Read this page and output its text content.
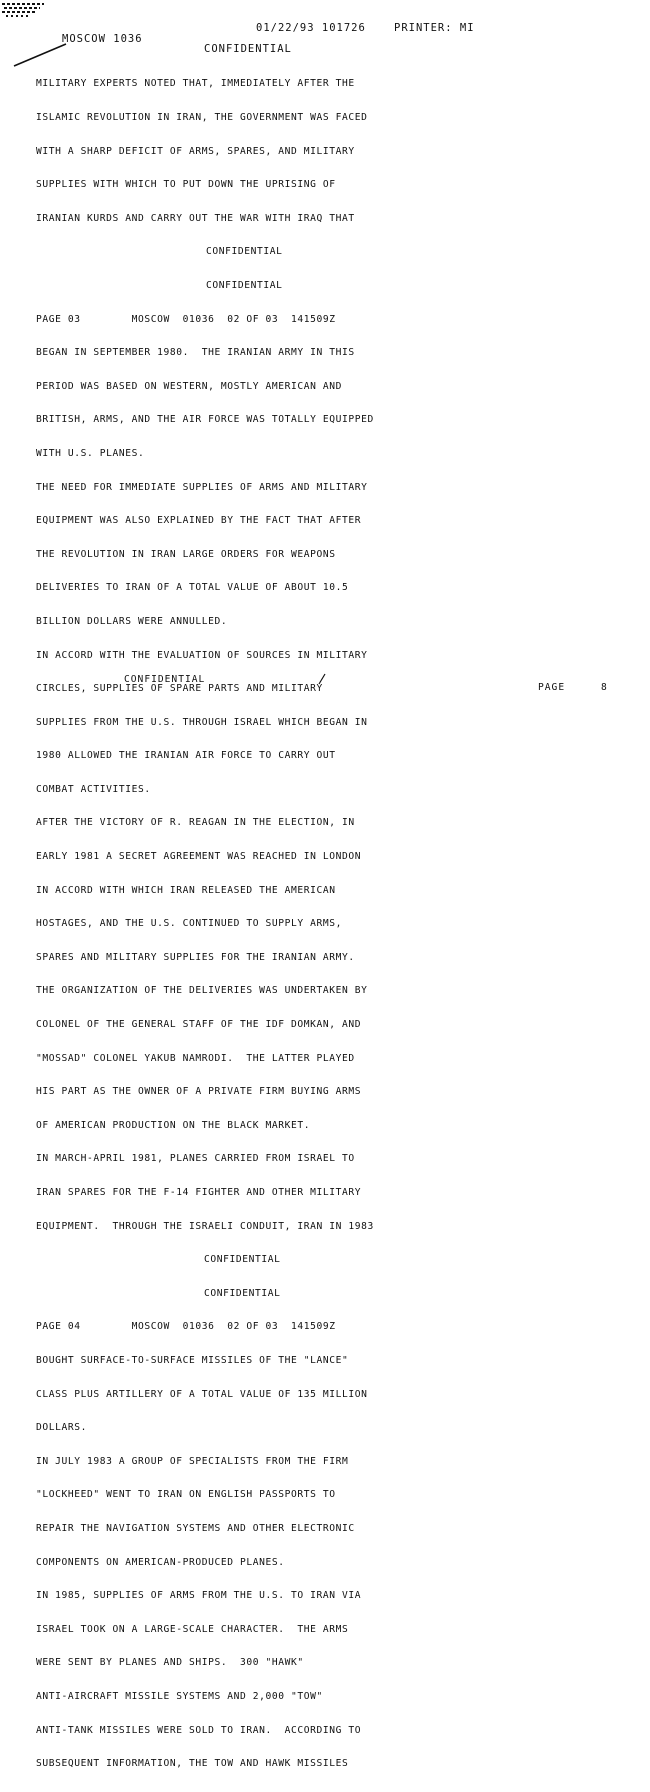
01/22/93 101726	PRINTER: MI
MOSCOW 1036
CONFIDENTIAL

MILITARY EXPERTS NOTED THAT, IMMEDIATELY AFTER THE

ISLAMIC REVOLUTION IN IRAN, THE GOVERNMENT WAS FACED

WITH A SHARP DEFICIT OF ARMS, SPARES, AND MILITARY

SUPPLIES WITH WHICH TO PUT DOWN THE UPRISING OF

IRANIAN KURDS AND CARRY OUT THE WAR WITH IRAQ THAT

CONFIDENTIAL

CONFIDENTIAL

PAGE 03        MOSCOW  01036  02 OF 03  141509Z

BEGAN IN SEPTEMBER 1980.  THE IRANIAN ARMY IN THIS

PERIOD WAS BASED ON WESTERN, MOSTLY AMERICAN AND

BRITISH, ARMS, AND THE AIR FORCE WAS TOTALLY EQUIPPED

WITH U.S. PLANES.

THE NEED FOR IMMEDIATE SUPPLIES OF ARMS AND MILITARY

EQUIPMENT WAS ALSO EXPLAINED BY THE FACT THAT AFTER

THE REVOLUTION IN IRAN LARGE ORDERS FOR WEAPONS

DELIVERIES TO IRAN OF A TOTAL VALUE OF ABOUT 10.5

BILLION DOLLARS WERE ANNULLED.

IN ACCORD WITH THE EVALUATION OF SOURCES IN MILITARY

CIRCLES, SUPPLIES OF SPARE PARTS AND MILITARY

SUPPLIES FROM THE U.S. THROUGH ISRAEL WHICH BEGAN IN

1980 ALLOWED THE IRANIAN AIR FORCE TO CARRY OUT

COMBAT ACTIVITIES.

AFTER THE VICTORY OF R. REAGAN IN THE ELECTION, IN

EARLY 1981 A SECRET AGREEMENT WAS REACHED IN LONDON

IN ACCORD WITH WHICH IRAN RELEASED THE AMERICAN

HOSTAGES, AND THE U.S. CONTINUED TO SUPPLY ARMS,

SPARES AND MILITARY SUPPLIES FOR THE IRANIAN ARMY.

THE ORGANIZATION OF THE DELIVERIES WAS UNDERTAKEN BY

COLONEL OF THE GENERAL STAFF OF THE IDF DOMKAN, AND

"MOSSAD" COLONEL YAKUB NAMRODI.  THE LATTER PLAYED

HIS PART AS THE OWNER OF A PRIVATE FIRM BUYING ARMS

OF AMERICAN PRODUCTION ON THE BLACK MARKET.

IN MARCH-APRIL 1981, PLANES CARRIED FROM ISRAEL TO

IRAN SPARES FOR THE F-14 FIGHTER AND OTHER MILITARY

EQUIPMENT.  THROUGH THE ISRAELI CONDUIT, IRAN IN 1983

CONFIDENTIAL

CONFIDENTIAL

PAGE 04        MOSCOW  01036  02 OF 03  141509Z

BOUGHT SURFACE-TO-SURFACE MISSILES OF THE "LANCE"

CLASS PLUS ARTILLERY OF A TOTAL VALUE OF 135 MILLION

DOLLARS.

IN JULY 1983 A GROUP OF SPECIALISTS FROM THE FIRM

"LOCKHEED" WENT TO IRAN ON ENGLISH PASSPORTS TO

REPAIR THE NAVIGATION SYSTEMS AND OTHER ELECTRONIC

COMPONENTS ON AMERICAN-PRODUCED PLANES.

IN 1985, SUPPLIES OF ARMS FROM THE U.S. TO IRAN VIA

ISRAEL TOOK ON A LARGE-SCALE CHARACTER.  THE ARMS

WERE SENT BY PLANES AND SHIPS.  300 "HAWK"

ANTI-AIRCRAFT MISSILE SYSTEMS AND 2,000 "TOW"

ANTI-TANK MISSILES WERE SOLD TO IRAN.  ACCORDING TO

SUBSEQUENT INFORMATION, THE TOW AND HAWK MISSILES

CONFIDENTIAL
PAGE	8
